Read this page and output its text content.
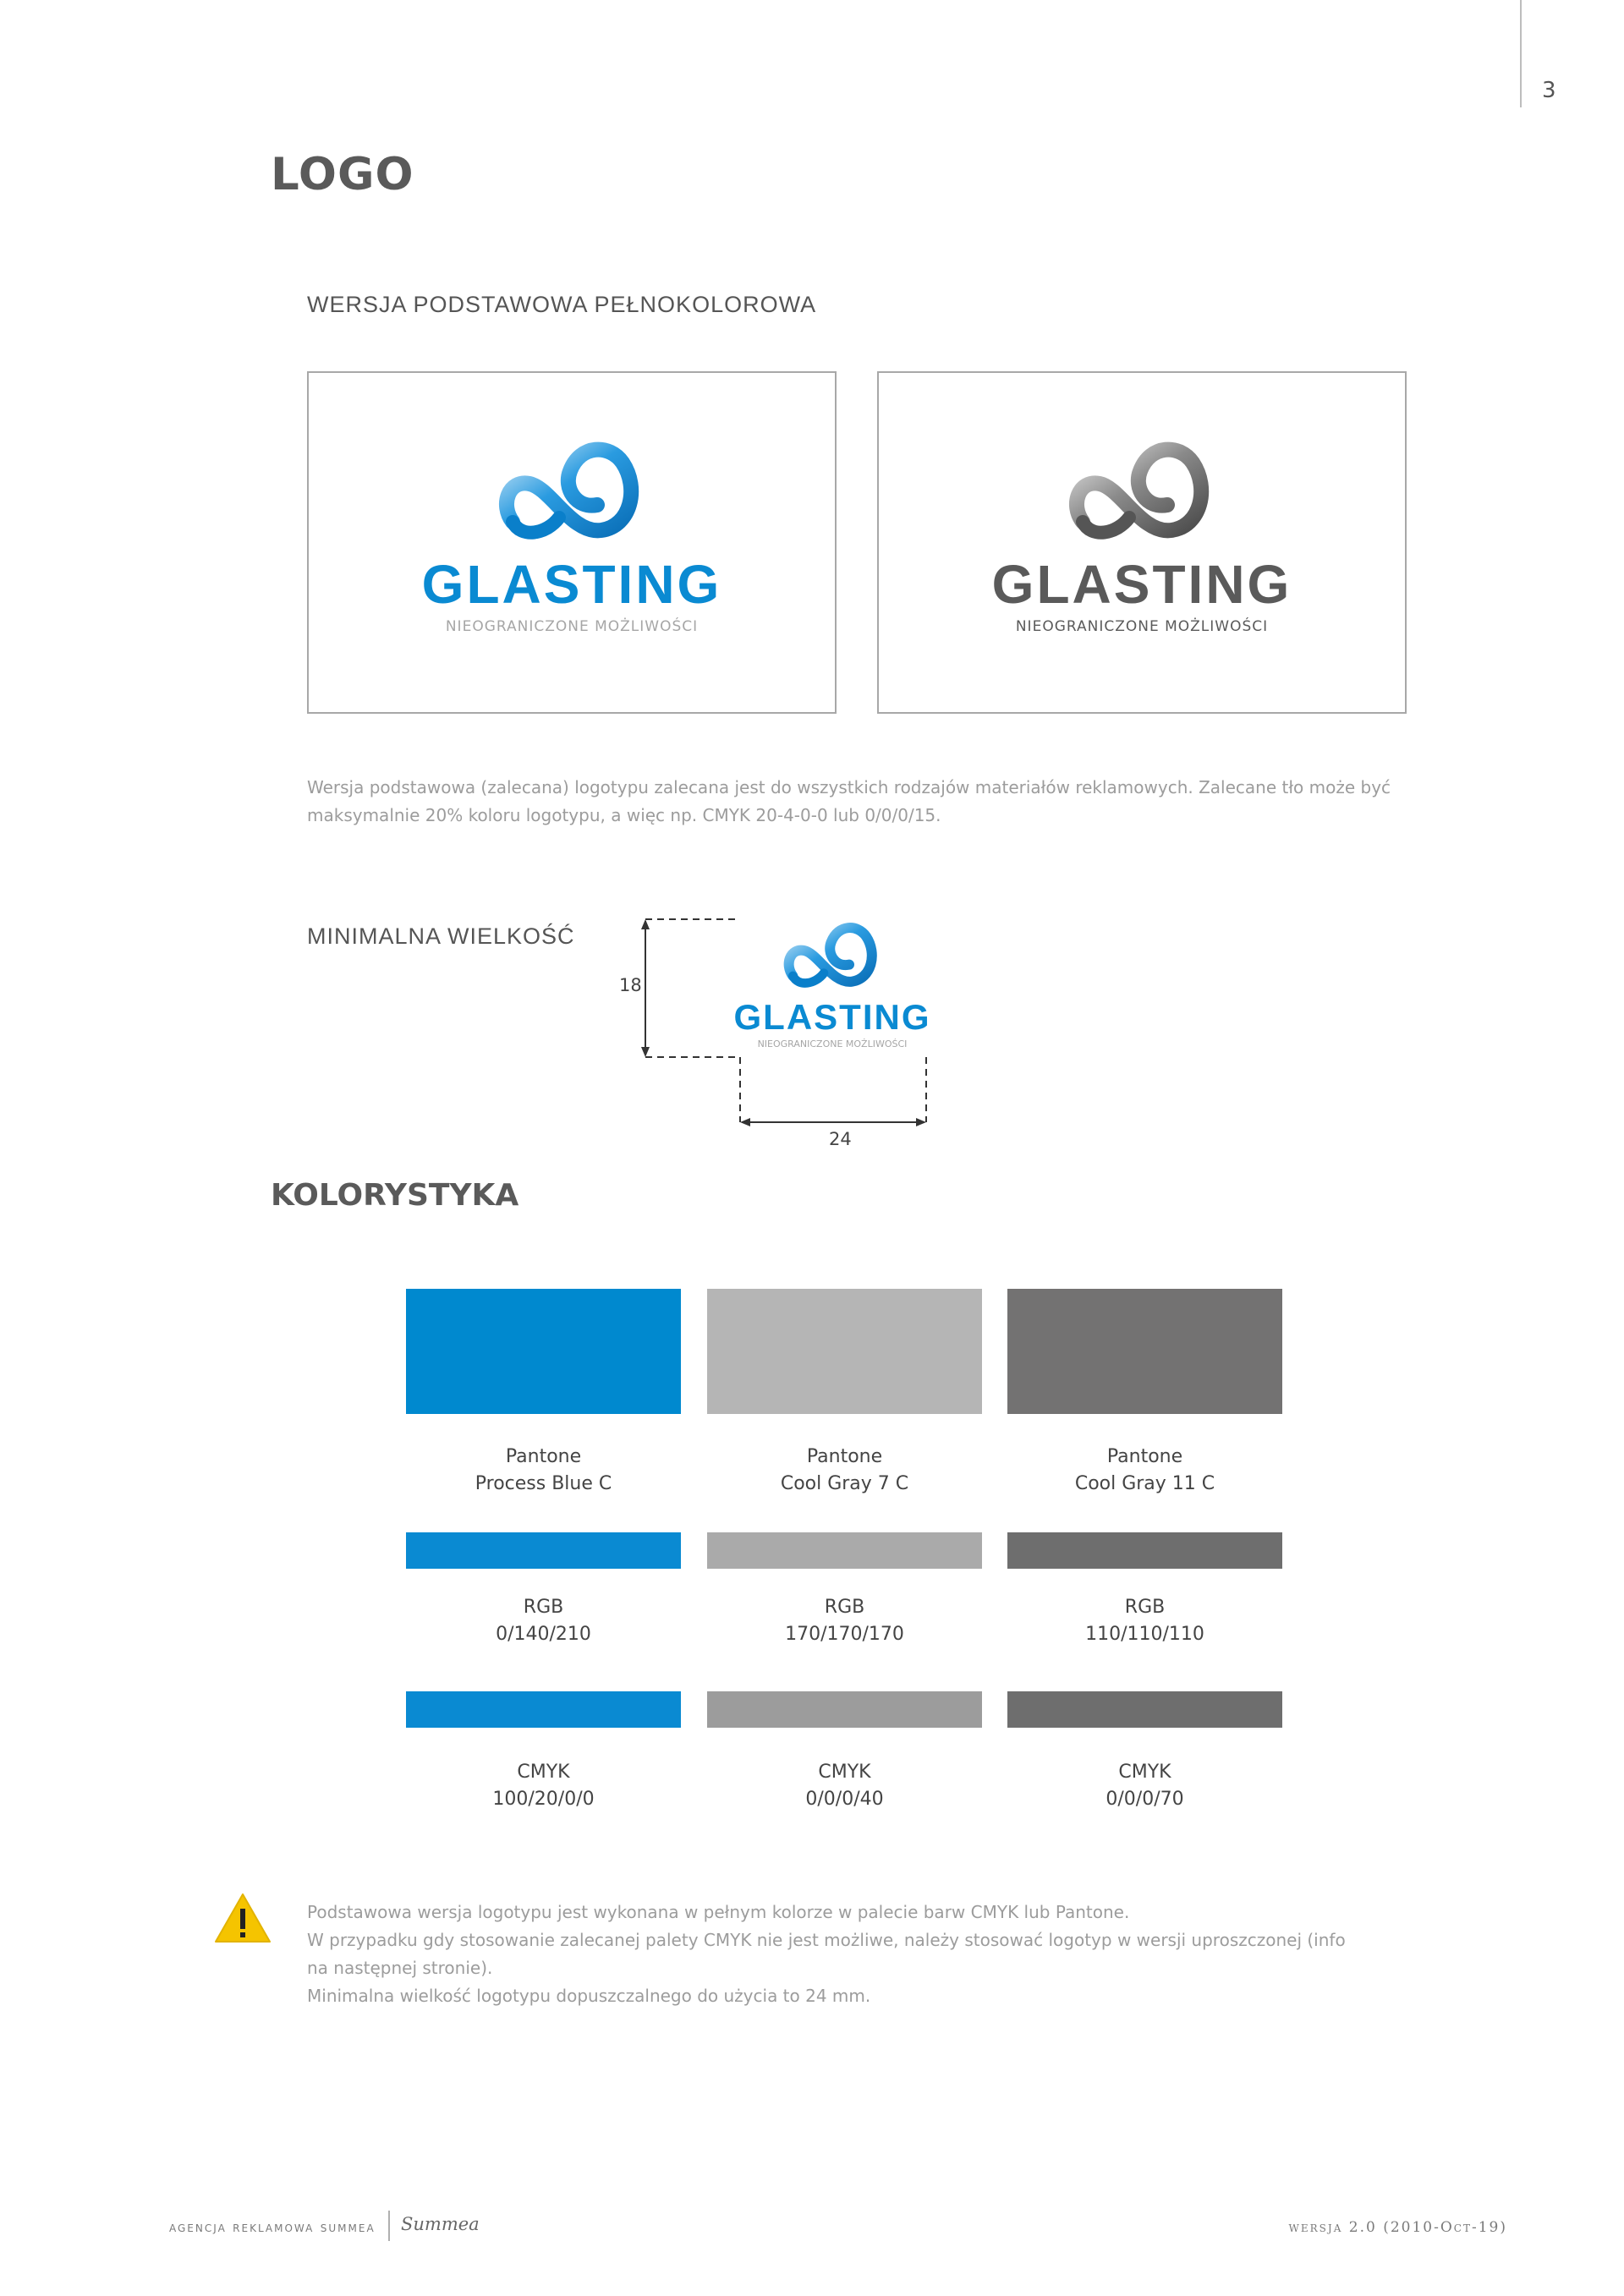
3
LOGO
WERSJA PODSTAWOWA PEŁNOKOLOROWA
GLASTING
NIEOGRANICZONE MOŻLIWOŚCI
GLASTING
NIEOGRANICZONE MOŻLIWOŚCI
Wersja podstawowa (zalecana) logotypu zalecana jest do wszystkich rodzajów materiałów reklamowych. Zalecane tło może być maksymalnie 20% koloru logotypu, a więc np. CMYK 20-4-0-0 lub 0/0/0/15.
MINIMALNA WIELKOŚĆ
18
24
GLASTING
NIEOGRANICZONE MOŻLIWOŚCI
KOLORYSTYKA
Pantone
Process Blue C
RGB
0/140/210
CMYK
100/20/0/0
Pantone
Cool Gray 7 C
RGB
170/170/170
CMYK
0/0/0/40
Pantone
Cool Gray 11 C
RGB
110/110/110
CMYK
0/0/0/70
Podstawowa wersja logotypu jest wykonana w pełnym kolorze w palecie barw CMYK lub Pantone.
W przypadku gdy stosowanie zalecanej palety CMYK nie jest możliwe, należy stosować logotyp w wersji uproszczonej (info
na następnej stronie).
Minimalna wielkość logotypu dopuszczalnego do użycia to 24 mm.
agencja reklamowa summea Summea	wersja 2.0 (2010-Oct-19)
